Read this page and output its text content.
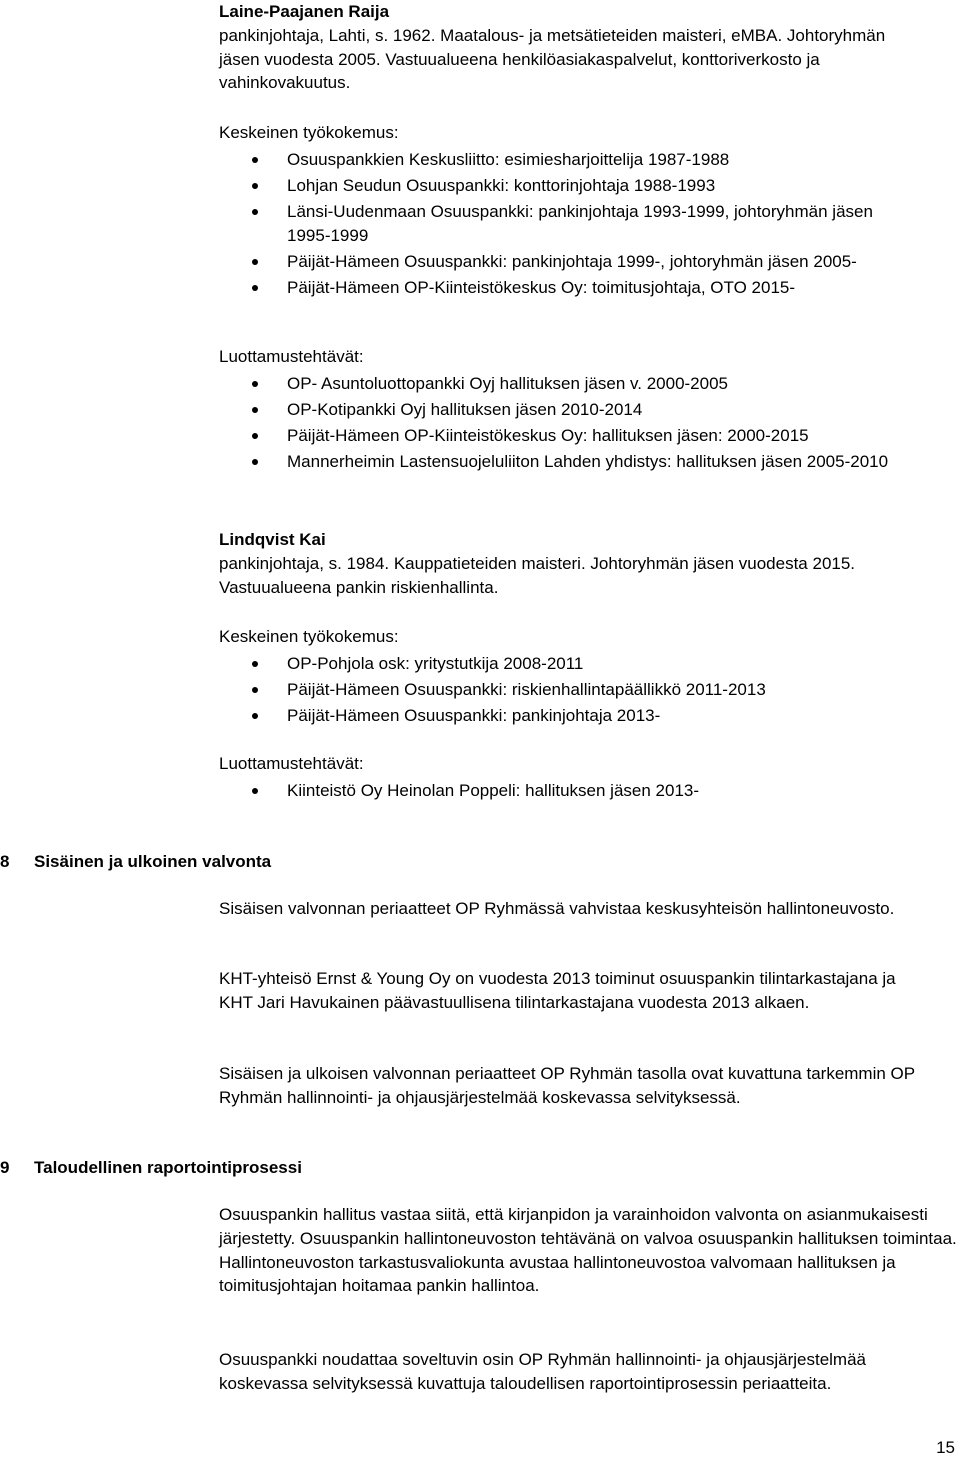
Laine-Paajanen Raija

pankinjohtaja, Lahti, s. 1962. Maatalous- ja metsätieteiden maisteri, eMBA. Johtoryhmän jäsen vuodesta 2005. Vastuualueena henkilöasiakaspalvelut, konttoriverkosto ja vahinkovakuutus.

Keskeinen työkokemus:

Osuuspankkien Keskusliitto: esimiesharjoittelija 1987-1988
Lohjan Seudun Osuuspankki: konttorinjohtaja 1988-1993
Länsi-Uudenmaan Osuuspankki: pankinjohtaja 1993-1999, johtoryhmän jäsen 1995-1999
Päijät-Hämeen Osuuspankki: pankinjohtaja 1999-, johtoryhmän jäsen 2005-
Päijät-Hämeen OP-Kiinteistökeskus Oy: toimitusjohtaja, OTO 2015-

Luottamustehtävät:

OP- Asuntoluottopankki Oyj hallituksen jäsen v. 2000-2005
OP-Kotipankki Oyj hallituksen jäsen 2010-2014
Päijät-Hämeen OP-Kiinteistökeskus Oy: hallituksen jäsen: 2000-2015
Mannerheimin Lastensuojeluliiton Lahden yhdistys: hallituksen jäsen 2005-2010

Lindqvist Kai

pankinjohtaja, s. 1984. Kauppatieteiden maisteri. Johtoryhmän jäsen vuodesta 2015. Vastuualueena pankin riskienhallinta.

Keskeinen työkokemus:

OP-Pohjola osk: yritystutkija 2008-2011
Päijät-Hämeen Osuuspankki: riskienhallintapäällikkö 2011-2013
Päijät-Hämeen Osuuspankki: pankinjohtaja 2013-

Luottamustehtävät:

Kiinteistö Oy Heinolan Poppeli: hallituksen jäsen 2013-
8 Sisäinen ja ulkoinen valvonta

Sisäisen valvonnan periaatteet OP Ryhmässä vahvistaa keskusyhteisön hallintoneuvosto.

KHT-yhteisö Ernst & Young Oy on vuodesta 2013 toiminut osuuspankin tilintarkastajana ja KHT Jari Havukainen päävastuullisena tilintarkastajana vuodesta 2013 alkaen.

Sisäisen ja ulkoisen valvonnan periaatteet OP Ryhmän tasolla ovat kuvattuna tarkemmin OP Ryhmän hallinnointi- ja ohjausjärjestelmää koskevassa selvityksessä.

9 Taloudellinen raportointiprosessi

Osuuspankin hallitus vastaa siitä, että kirjanpidon ja varainhoidon valvonta on asianmukaisesti järjestetty. Osuuspankin hallintoneuvoston tehtävänä on valvoa osuuspankin hallituksen toimintaa. Hallintoneuvoston tarkastusvaliokunta avustaa hallintoneuvostoa valvomaan hallituksen ja toimitusjohtajan hoitamaa pankin hallintoa.

Osuuspankki noudattaa soveltuvin osin OP Ryhmän hallinnointi- ja ohjausjärjestelmää koskevassa selvityksessä kuvattuja taloudellisen raportointiprosessin periaatteita.

15
